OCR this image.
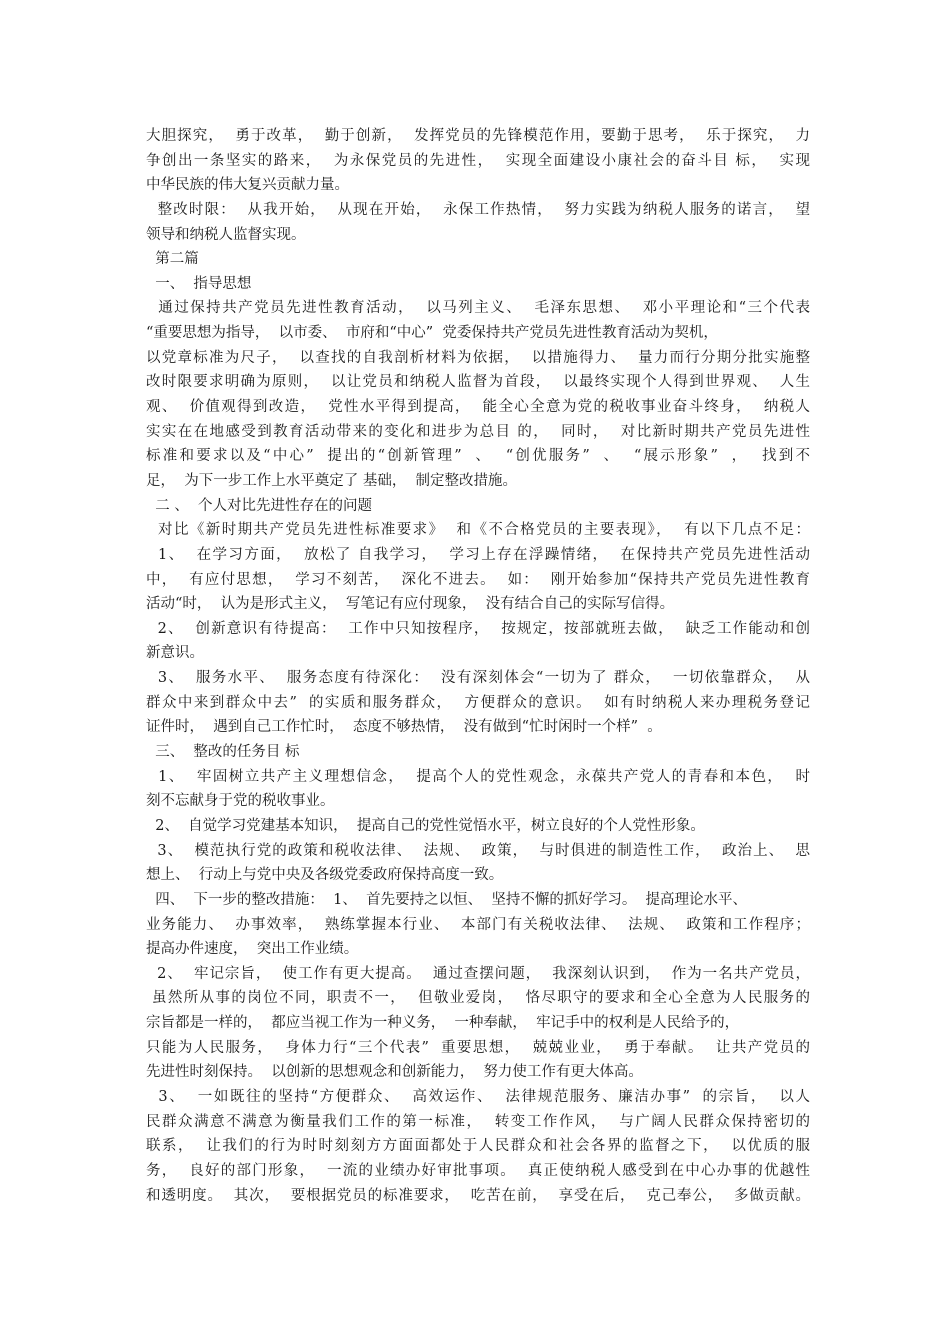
大胆探究，  勇于改革，  勤于创新，  发挥党员的先锋模范作用，要勤于思考，  乐于探究，  力
争创出一条坚实的路来，  为永保党员的先进性，  实现全面建设小康社会的奋斗目 标，  实现
中华民族的伟大复兴贡献力量。
整改时限：  从我开始，  从现在开始，  永保工作热情，  努力实践为纳税人服务的诺言，  望
领导和纳税人监督实现。
第二篇
一、  指导思想
通过保持共产党员先进性教育活动，  以马列主义、  毛泽东思想、  邓小平理论和“三个代表
“重要思想为指导，  以市委、  市府和“中心”  党委保持共产党员先进性教育活动为契机，
以党章标准为尺子，  以查找的自我剖析材料为依据，  以措施得力、  量力而行分期分批实施整
改时限要求明确为原则，  以让党员和纳税人监督为首段，  以最终实现个人得到世界观、  人生
观、  价值观得到改造，  党性水平得到提高，  能全心全意为党的税收事业奋斗终身，  纳税人
实实在在地感受到教育活动带来的变化和进步为总目 的，  同时，  对比新时期共产党员先进性
标准和要求以及“中心”  提出的“创新管理”  、  “创优服务”  、  “展示形象”  ，  找到不
足，  为下一步工作上水平奠定了 基础，  制定整改措施。
二 、  个人对比先进性存在的问题
对比《新时期共产党员先进性标准要求》  和《不合格党员的主要表现》，  有以下几点不足：
1、  在学习方面，  放松了 自我学习，  学习上存在浮躁情绪，  在保持共产党员先进性活动
中，  有应付思想，  学习不刻苦，  深化不进去。  如：  刚开始参加“保持共产党员先进性教育
活动“时，  认为是形式主义，  写笔记有应付现象，  没有结合自己的实际写信得。
2、  创新意识有待提高：  工作中只知按程序，  按规定，按部就班去做，  缺乏工作能动和创
新意识。
3、  服务水平、  服务态度有待深化：  没有深刻体会“一切为了 群众，  一切依靠群众，  从
群众中来到群众中去”  的实质和服务群众，  方便群众的意识。  如有时纳税人来办理税务登记
证件时，  遇到自己工作忙时，  态度不够热情，  没有做到“忙时闲时一个样”  。
三、  整改的任务目 标
1、  牢固树立共产主义理想信念，  提高个人的党性观念，永葆共产党人的青春和本色，  时
刻不忘献身于党的税收事业。
2、  自觉学习党建基本知识，  提高自己的党性觉悟水平，树立良好的个人党性形象。
3、  模范执行党的政策和税收法律、  法规、  政策，  与时俱进的制造性工作，  政治上、  思
想上、  行动上与党中央及各级党委政府保持高度一致。
四、  下一步的整改措施：  1、  首先要持之以恒、  坚持不懈的抓好学习。  提高理论水平、
业务能力、  办事效率，  熟练掌握本行业、  本部门有关税收法律、  法规、  政策和工作程序；
提高办件速度，  突出工作业绩。
2、  牢记宗旨，  使工作有更大提高。  通过查摆问题，  我深刻认识到，  作为一名共产党员，
虽然所从事的岗位不同，职责不一，  但敬业爱岗，  恪尽职守的要求和全心全意为人民服务的
宗旨都是一样的，  都应当视工作为一种义务，  一种奉献，  牢记手中的权利是人民给予的，
只能为人民服务，  身体力行“三个代表”  重要思想，  兢兢业业，  勇于奉献。  让共产党员的
先进性时刻保持。  以创新的思想观念和创新能力，  努力使工作有更大体高。
3、  一如既往的坚持“方便群众、  高效运作、  法律规范服务、廉洁办事”  的宗旨，  以人
民群众满意不满意为衡量我们工作的第一标准，  转变工作作风，  与广阔人民群众保持密切的
联系，  让我们的行为时时刻刻方方面面都处于人民群众和社会各界的监督之下，  以优质的服
务，  良好的部门形象，  一流的业绩办好审批事项。  真正使纳税人感受到在中心办事的优越性
和透明度。  其次，  要根据党员的标准要求，  吃苦在前，  享受在后，  克己奉公，  多做贡献。
